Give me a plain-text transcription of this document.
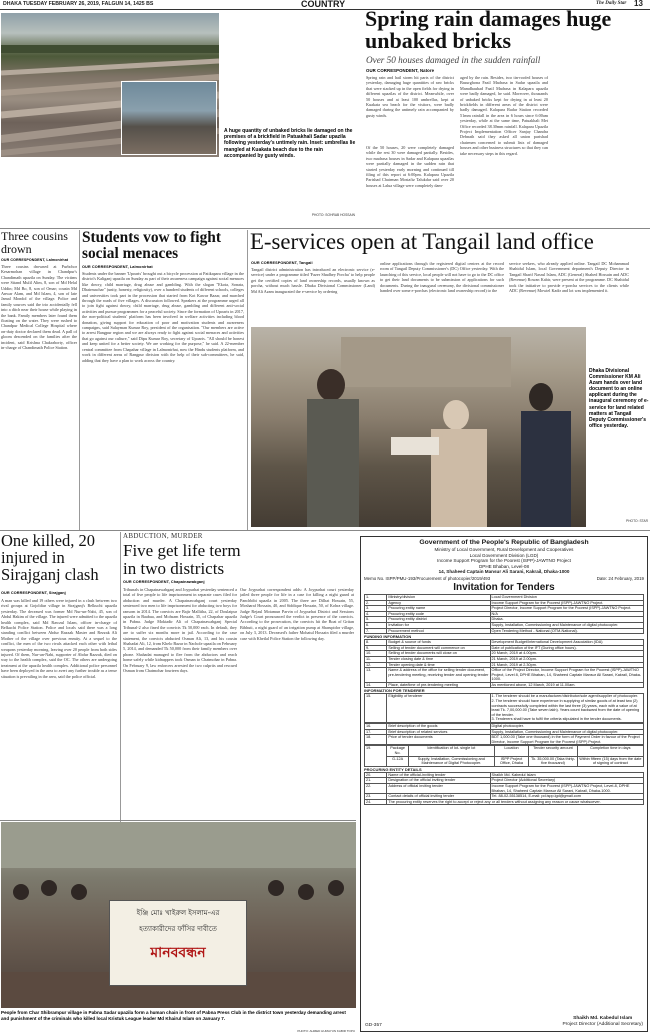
DHAKA TUESDAY FEBRUARY 26, 2019, FALGUN 14, 1425 BS	COUNTRY	The Daily Star 13
A huge quantity of unbaked bricks lie damaged on the premises of a brickfield in Patuakhali Sadar upazila following yesterday's untimely rain. Inset: umbrellas lie mangled at Kuakata beach due to the rain accompanied by gusty winds.
PHOTO: SOHRAB HOSSAIN
Spring rain damages huge unbaked bricks
Over 50 houses damaged in the sudden rainfall
OUR CORRESPONDENT, Natore
Spring rain and hail storm hit parts of the district yesterday, damaging huge quantities of raw bricks that were stacked up in the open fields for drying in different upazilas of the district. Meanwhile, over 50 houses and at least 100 umbrellas, kept at Kuakata sea beach for the visitors, were badly damaged during the untimely rain accompanied by gusty winds.
Of the 50 houses, 20 were completely damaged while the rest 30 were damaged partially. Besides, two madrasa houses in Sadar and Kalapara upazilas were partially damaged in the sudden rain that started yesterday early morning and continued till filing of this report at 6:00pm. Kalapara Upazila Parishad Chairman Mostafiz Talukdar said over 20 houses at Lalua village were completely dam-
aged by the rain. Besides, two tin-roofed houses of Basurghona Fazil Madrasa in Sadar upazila and Mamdhaubad Fazil Madrasa in Kalapara upazila were badly damaged, he said. Moreover, thousands of unbaked bricks kept for drying in at least 20 brickfields in different areas of the district were badly damaged. Kalapara Radar Station recorded 51mm rainfall in the area in 6 hours since 6:00am yesterday, while at the same time, Patuakhali Met Office recorded 38.30mm rainfall. Kalapara Upazila Project Implementation Officer Sanjay Chandra Debnath said they asked all union parishad chairmen concerned to submit lists of damaged houses and other business structures so that they can take necessary steps in this regard.
Three cousins drown
OUR CORRESPONDENT, Lalmonirhat
Three cousins drowned at Purbchor Kesarmohan village in Chandpur's Chandimath upazila on Sunday. The victims were Sitand Mulil Alim, 8, son of Md Helal Uddin; Md Bo, 8, son of Omar; cousin Md Anwar Alam, and Md Islam, 4, son of late Jamal Mondol of the village. Police and family sources said the trio accidentally fell into a ditch near their house while playing in the bank. Family members later found them floating on the water. They were rushed to Chandpur Medical College Hospital where on-duty doctor declared them dead. A pall of gloom descended on the families after the incident, said Krishna Chakraborty, officer in-charge of Chandimath Police Station.
Students vow to fight social menaces
OUR CORRESPONDENT, Lalmonirhat
Students under the banner 'Upoaris' brought out a bicycle procession at Patikapara village in the district's Kaliganj upazila on Sunday as part of their awareness campaign against social menaces like dowry, child marriage, drug abuse and gambling. With the slogan "Ekota, Sonata, Dhairmachar" (unity, honesty, religiosity), over a hundred students of different schools, colleges and universities took part in the procession that started from Kot Kawar Bazar, and marched through the roads of five villages. A discussion followed. Speakers at the programme urged all to join fight against dowry, child marriage, drug abuse, gambling and different anti-social activities and pursue programmes for a peaceful society. Since the formation of Upoaris in 2017, the non-political students' platform has been involved in welfare activities including blood donation, giving support for education of poor and motivation students and awareness campaigns, said Sulayman Kumar Roy, president of the organisation. "Our members are active to arrest Bangpur region and we are always ready to fight against social menaces and activities that go against our culture," said Dipu Kumar Roy, secretary of Upoaris. "All should be honest and keep united for a better society. We are working for the purpose," he said. A 22-member central committee from Chapahar village in Lalmonirhat, now the Hindu students platform, and work in different areas of Rangpur division with the help of their sub-committees, he said, adding that they have a plan to work across the country.
E-services open at Tangail land office
OUR CORRESPONDENT, Tangail
Tangail district administration has introduced an electronic service (e-service) under a programme titled 'Fazer Shadhey Porcha' to help people get the certified copies of land ownership records, usually known as porcha, without much hassle. Dhaka Divisional Commissioner (Land) Md Ali Azam inaugurated the e-service by ordering
online applications through the registered digital centres at the record room of Tangail Deputy Commissioner's (DC) Office yesterday. With the launching of this service, local people will not have to go to the DC office to get their land documents to be submission of applications for such documents. During the inaugural ceremony, the divisional commissioner handed over some e-porchas (electronic land ownership record) to the
service seekers, who already applied online. Tangail DC Mohammad Shahidul Islam, local Government department's Deputy Director in Tangail Sharif Nasrul Islam, ADC (General) Shahed Hossain and ADC (Revenue) Rowan Kabir, were present at the programme. DC Shahidul took the initiative to provide e-porcha services to the clients while ADC (Revenue) Mowiel Kadir and lot was implemented it.
Dhaka Divisional Commissioner KM Ali Azam hands over land document to an online applicant during the inaugural ceremony of e-service for land related matters at Tangail Deputy Commissioner's office yesterday.
PHOTO: STAR
One killed, 20 injured in Sirajganj clash
OUR CORRESPONDENT, Sirajganj
A man was killed and 19 others were injured in a clash between two rival groups at Gojoldiar village in Sirajganj's Belkuchi upazila yesterday. The deceased was former Md Nur-un-Nabi, 45, son of Abdul Hakim of the village. The injured were admitted to the upazila health complex, said Md Rawzul Islam, officer in-charge of Belkuchi Police Station. Police and locals said there was a long standing conflict between Abdur Razzak Master and Rezzak Ali Mother of the village over previous enmity. At a sequel to the conflict, the men of the two rivals attacked each other with lethal weapons yesterday morning, leaving over 20 people from both sides injured. Of them, Nur-un-Nabi, supporter of Abdur Razzak, died on way to the health complex, said the OC. The others are undergoing treatment at the upazila health complex. Additional police personnel have been deployed in the area to avert any further trouble as a tense situation is prevailing in the area, said the police official.
ABDUCTION, MURDER
Five get life term in two districts
OUR CORRESPONDENT, Chapainawabganj
Tribunals in Chapainawabganj and Joypurhat yesterday sentenced a total of five people to life imprisonment in separate cases filed for abduction and murder. A Chapainawabganj court yesterday sentenced two men to life imprisonment for abducting two boys for ransom in 2014. The convicts are Bajir Mallitha, 22, of Doulatpur upazila in Baabua, and Mohsam Hossain, 35, of Chapahar upazila in Pabna. Judge Moktadir Ali of Chapainawabganj Special Tribunal-2 also fined the convicts Tk 50,000 each. In default, they are to suffer six months more in jail. According to the case statement, the convicts abducted Osman Ali, 13, and his cousin Shahadat Ali, 12, from Khelo Bazar in Nachole upazila on February 5, 2014, and demanded Tk 50,000 from their family members over phone. Shahadat managed to flee from the abductors and reach home safely while kidnappers took Osman to Chatmohar in Pabna. On February 9, law enforcers arrested the two culprits and rescued Osman from Chatmohar fourteen days.
Our Joypurhat correspondent adds: A Joypurhat court yesterday jailed three people for life in a case for killing a night guard at Panchbibi upazila in 2005. The three are Dilhat Hossain, 55, Mosharaf Hossain, 40, and Siddique Hossain, 50, of Kohra village. Judge Rejaul Motamun Parvin of Joypurhat District and Sessions Judge's Court pronounced the verdict in presence of the convicts. According to the prosecution, the convicts hit the Boat of Gritan Bibhuti, a night guard of an irrigation pump at Sharupidor village, on July 3, 2013. Deceased's father Mohatul Hossain filed a murder case with Khetlal Police Station the following day.
ইঞ্জি মোঃ খাইরুল ইসলাম-এর
হত্যাকারীদের ফাঁসির দাবীতে
মানববন্ধন
People from Char Shibrampur village in Pabna Sadar upazila form a human chain in front of Pabna Press Club in the district town yesterday demanding arrest and punishment of the criminals who killed local Kristuk League leader Md Khairul Islam on January 7.
PHOTO: AHMED HUMAYUN KABIR TOPU
Government of the People's Republic of Bangladesh
Ministry of Local Government, Rural Development and Cooperatives
Local Government Division (LGD)
Income Support Program for the Poorest (ISPP)-JAWTNO Project
DPHE Bhaban, Level-08
14, Shaheed Captain Mansur Ali Sarani, Kakrail, Dhaka-1000
Memo No. ISPP/PMU-193/Procurement of photocopier/2019/493	Date: 24 February, 2019
Invitation for Tenders
1.	Ministry/division	Local Government Division
2.	Agency	Income Support Program for the Poorest (ISPP)-JAWTNO Project.
3.	Procuring entity name	Project Director, Income Support Program for the Poorest (ISPP)-JAWTNO Project.
4.	Procuring entity code	N/A
5.	Procuring entity district	Dhaka.
6.	Invitation for	Supply, Installation, Commissioning and Maintenance of digital photocopier.
7.	Procurement method	Open Tendering Method - National (OTM-National).
FUNDING INFORMATION
8.	Budget & source of funds	Development Budget/International Development Association (IDA)
9.	Selling of tender document will commence on	Date of publication of the IFT (During office hours).
10.	Selling of tender documents will close on	20 March, 2019 at 4.00pm.
11.	Tender closing date & time	21 March, 2019 at 2.00pm.
12.	Tender opening date & time	21 March, 2019 at 2.30pm.
13.	Name & address of the office for selling tender document, pre-tendering meeting, receiving tender and opening tender	Office of the Project Director, Income Support Program for the Poorest (ISPP)-JAWTNO Project, Level 8, DPHE Bhaban, 14, Shaheed Captain Mansur Ali Sarani, Kakrail, Dhaka-1000.
14.	Place, date/time of pre-tendering meeting	As mentioned above, 12 March, 2019 at 11.00am.
INFORMATION FOR TENDERER
15.	Eligibility of tenderer	1. The tenderer should be a manufacturer/distributor/sole agent/supplier of photocopier.
2. The tenderer should have experience in supplying of similar goods of at least two (2) contracts successfully completed within the last three (3) years, each with a value of at least Tk. 7,00,000.00 (Take seven lakh). Years count backward from the date of opening of the tender.
3. Tenderers shall have to fulfil the criteria stipulated in the tender documents.
16.	Brief description of the goods	Digital photocopier.
17.	Brief description of related services	Supply, Installation, Commissioning and Maintenance of digital photocopier.
18.	Price of tender documents	BDT 1,000.00 (Take one thousand) in the form of Payment Order in favour of the Project Director, Income Support Program for the Poorest (ISPP) Project.
19.	Package No.	Identification of lot- single lot	Location	Tender security amount	Completion time in days
	G-12A	Supply, Installation, Commissioning and Maintenance of Digital Photocopier.	ISPP Project Office, Dhaka	Tk. 35,000.00 (Taka thirty-five thousand)	Within fifteen (15) days from the date of signing of contract
PROCURING ENTITY DETAILS
20.	Name of the official-inviting tender	Shaikh Md. Kabedul Islam
21.	Designation of the official inviting tender	Project Director (Additional Secretary)
22.	Address of official inviting tender	Income Support Program for the Poorest (ISPP)-JAWTNO Project, Level-8, DPHE Bhaban, 14, Shaheed Captain Mansur Ali Sarani, Kakrail, Dhaka-1000.
23.	Contact details of official inviting tender	Tel. 88-02-55138514, E-mail: pd.ispp.lgd@gmail.com
24.	The procuring entity reserves the right to accept or reject any or all tenders without assigning any reason or cause whatsoever.	
Shaikh Md. Kabedul Islam
Project Director (Additional Secretary)
GD-357
